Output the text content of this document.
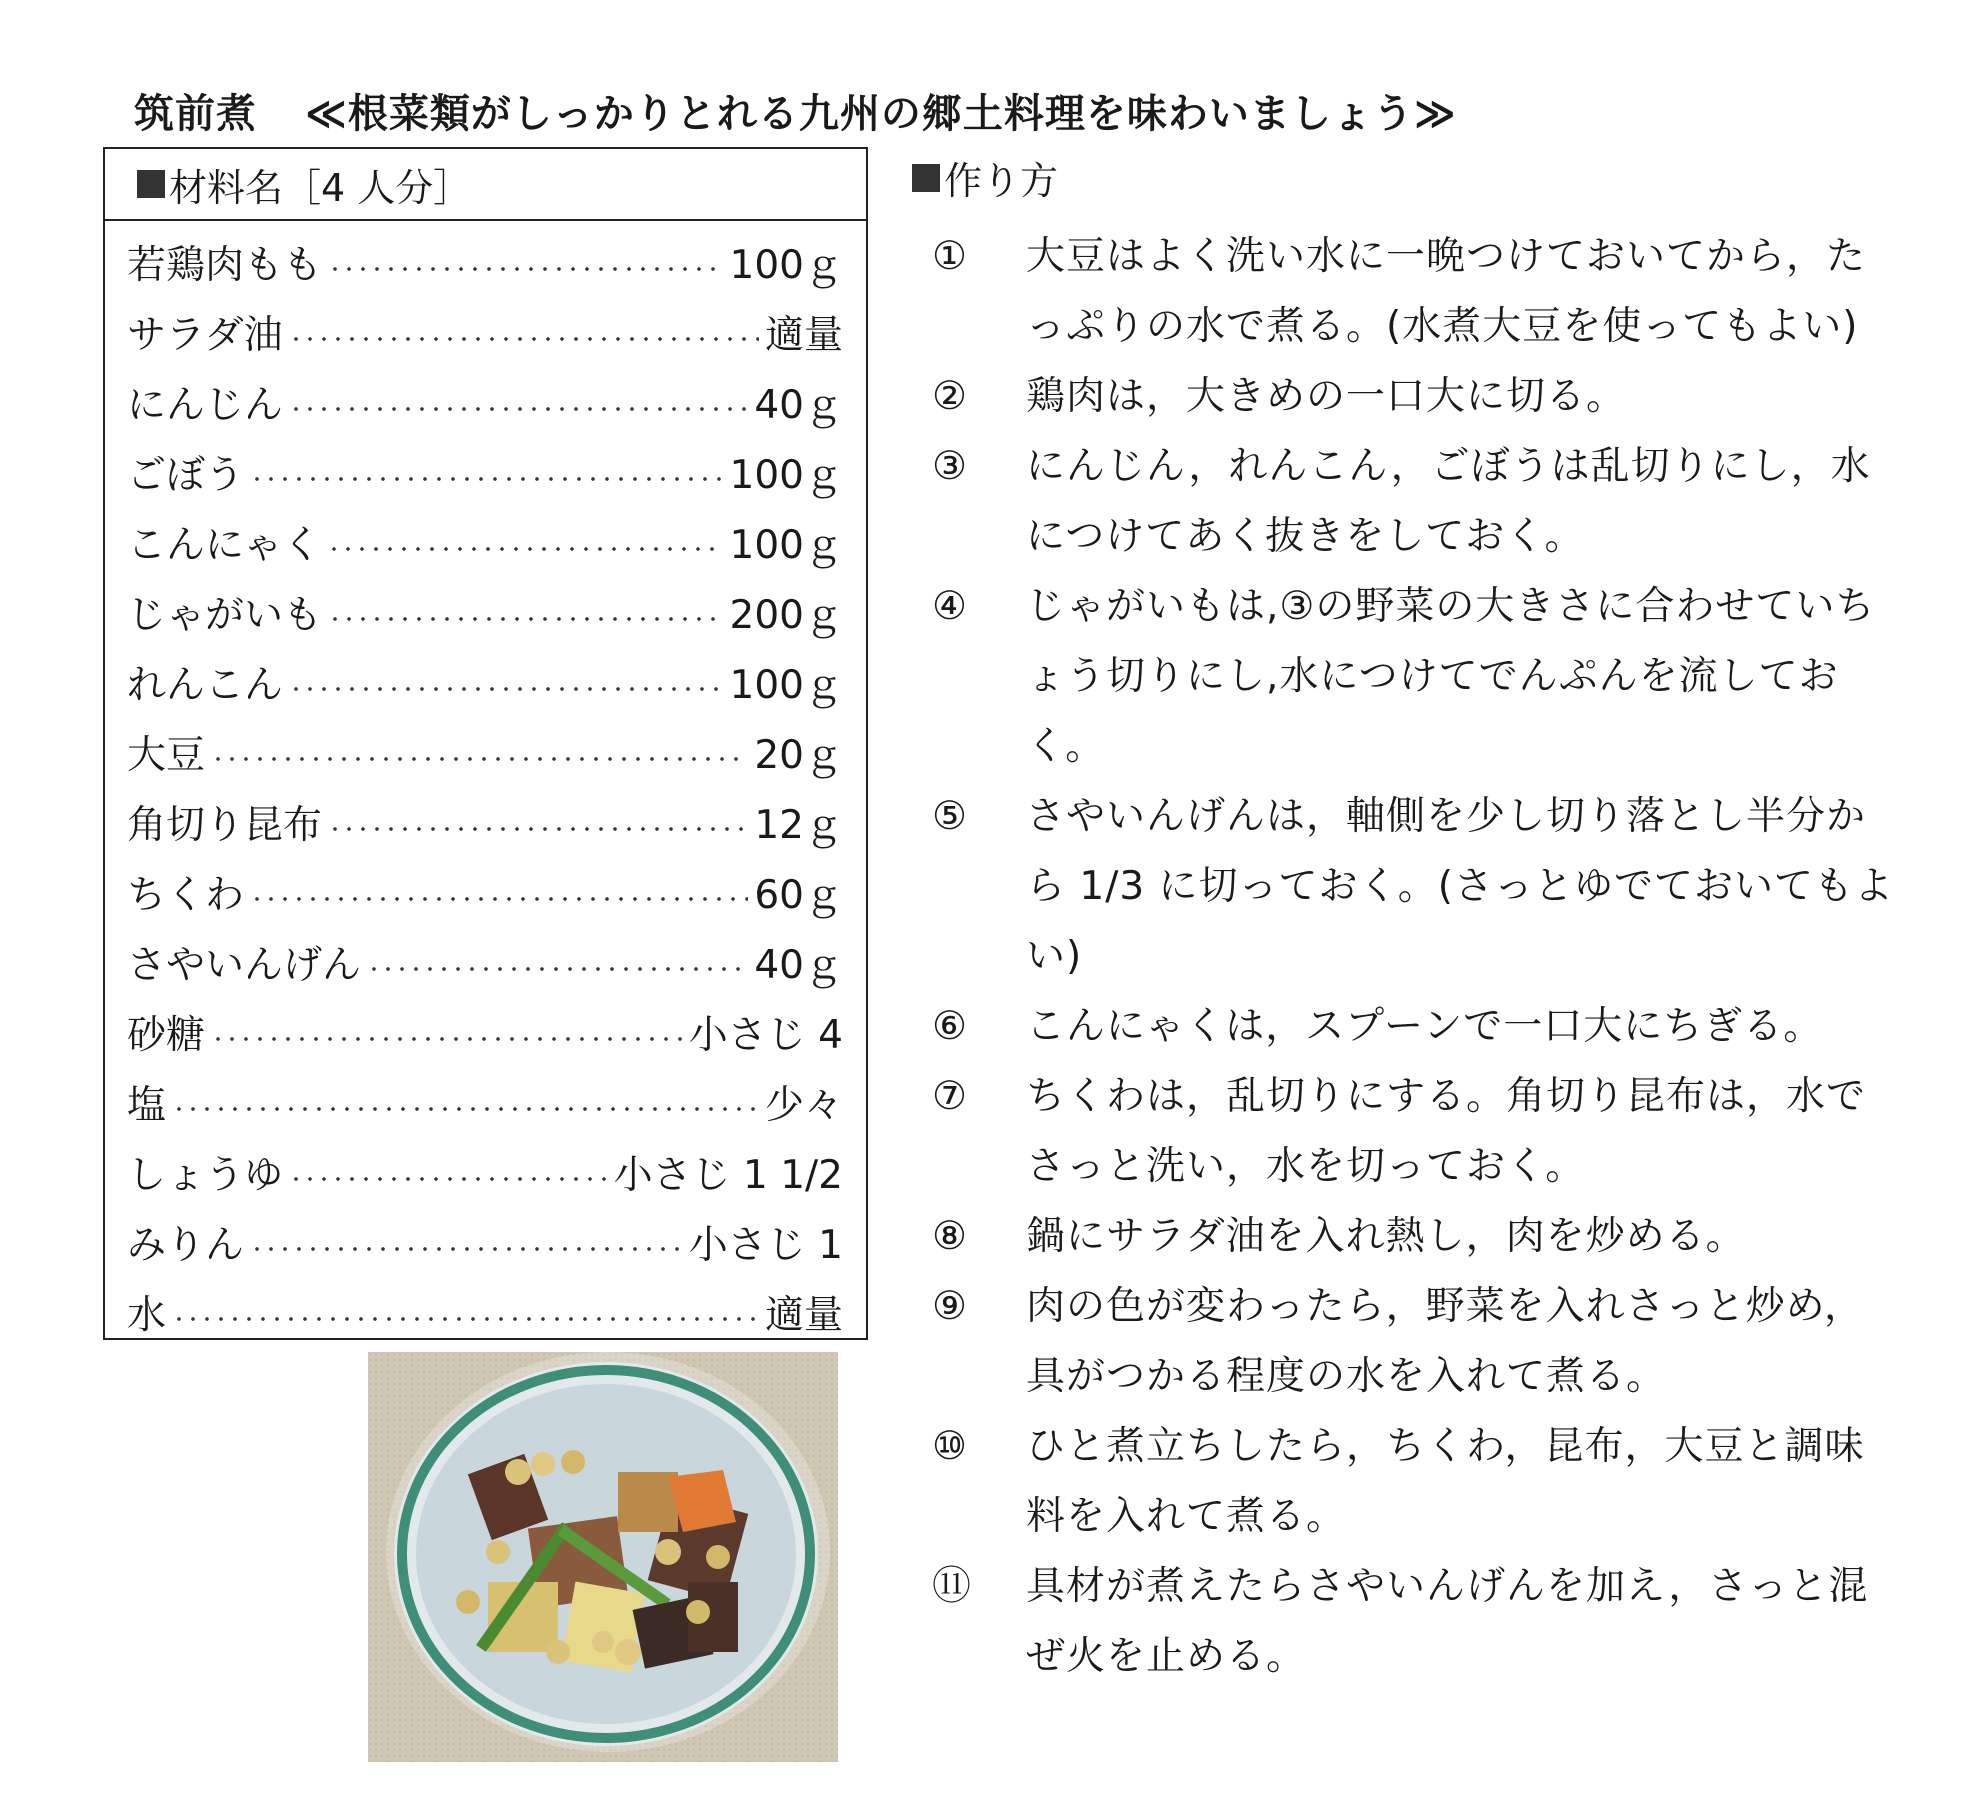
筑前煮 ≪根菜類がしっかりとれる九州の郷土料理を味わいましょう≫
材料名［4 人分］
若鶏肉もも	100ｇ
サラダ油	適量
にんじん	40ｇ
ごぼう	100ｇ
こんにゃく	100ｇ
じゃがいも	200ｇ
れんこん	100ｇ
大豆	20ｇ
角切り昆布	12ｇ
ちくわ	60ｇ
さやいんげん	40ｇ
砂糖	小さじ 4
塩	少々
しょうゆ	小さじ 1 1/2
みりん	小さじ 1
水	適量
作り方
①	大豆はよく洗い水に一晩つけておいてから，たっぷりの水で煮る。(水煮大豆を使ってもよい)
②	鶏肉は，大きめの一口大に切る。
③	にんじん，れんこん，ごぼうは乱切りにし，水につけてあく抜きをしておく。
④	じゃがいもは,③の野菜の大きさに合わせていちょう切りにし,水につけてでんぷんを流しておく。
⑤	さやいんげんは，軸側を少し切り落とし半分から 1/3 に切っておく。(さっとゆでておいてもよい)
⑥	こんにゃくは，スプーンで一口大にちぎる。
⑦	ちくわは，乱切りにする。角切り昆布は，水でさっと洗い，水を切っておく。
⑧	鍋にサラダ油を入れ熱し，肉を炒める。
⑨	肉の色が変わったら，野菜を入れさっと炒め，具がつかる程度の水を入れて煮る。
⑩	ひと煮立ちしたら，ちくわ，昆布，大豆と調味料を入れて煮る。
⑪	具材が煮えたらさやいんげんを加え，さっと混ぜ火を止める。
